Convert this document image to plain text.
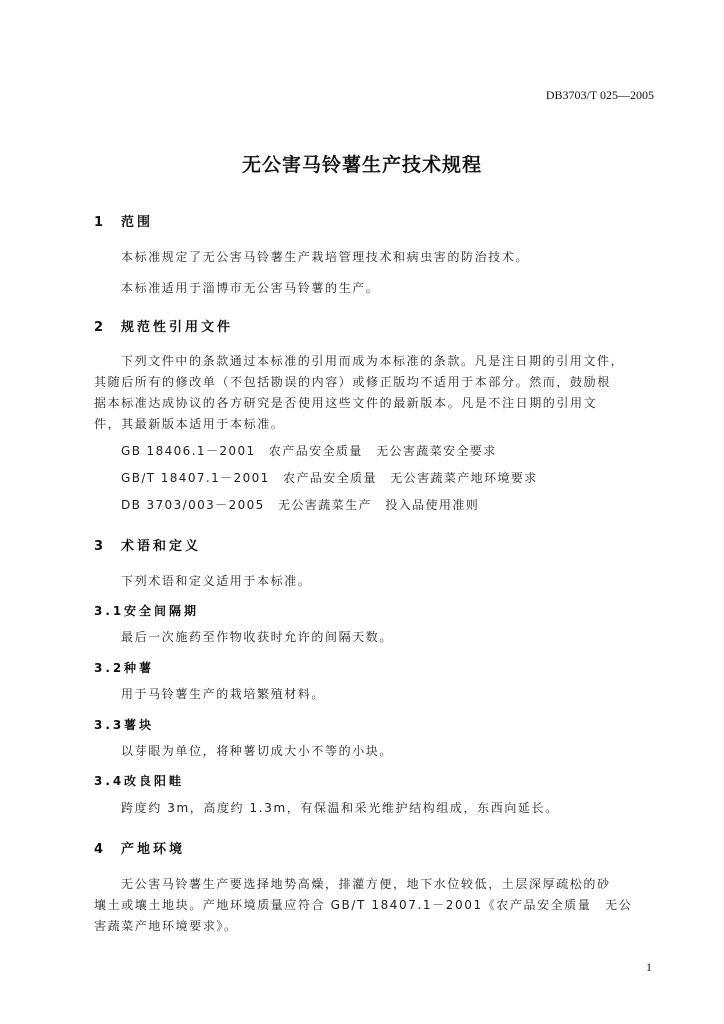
DB3703/T 025—2005
无公害马铃薯生产技术规程
1 范围
本标准规定了无公害马铃薯生产栽培管理技术和病虫害的防治技术。
本标准适用于淄博市无公害马铃薯的生产。
2 规范性引用文件
下列文件中的条款通过本标准的引用而成为本标准的条款。凡是注日期的引用文件，
其随后所有的修改单（不包括勘误的内容）或修正版均不适用于本部分。然而，鼓励根
据本标准达成协议的各方研究是否使用这些文件的最新版本。凡是不注日期的引用文
件，其最新版本适用于本标准。
GB 18406.1－2001　农产品安全质量　无公害蔬菜安全要求
GB/T 18407.1－2001　农产品安全质量　无公害蔬菜产地环境要求
DB 3703/003－2005　无公害蔬菜生产　投入品使用准则
3 术语和定义
下列术语和定义适用于本标准。
3.1安全间隔期
最后一次施药至作物收获时允许的间隔天数。
3.2种薯
用于马铃薯生产的栽培繁殖材料。
3.3薯块
以芽眼为单位，将种薯切成大小不等的小块。
3.4改良阳畦
跨度约 3m，高度约 1.3m，有保温和采光维护结构组成，东西向延长。
4 产地环境
无公害马铃薯生产要选择地势高燥，排灌方便，地下水位较低，土层深厚疏松的砂
壤土或壤土地块。产地环境质量应符合 GB/T 18407.1－2001《农产品安全质量　无公
害蔬菜产地环境要求》。
1
